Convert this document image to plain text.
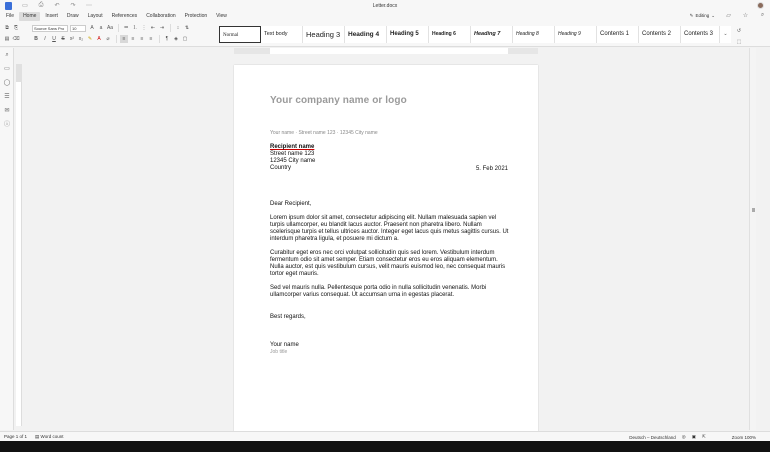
▭ ⎙ ↶ ↷ ⋯	Letter.docx
File	Home	Insert	Draw	Layout	References	Collaboration	Protection	View	✎ Editing ⌄ ▱ ☆	⌕
⧉	⎘
▤ ⌫
Source Sans Pro	10	A	a Aa	≔ ⒈ ⋮ ⇤ ⇥	↕	⇅
B	I	U	S	x² x₂ ✎	A	⌀	≡	≡	≡	≡	¶	◈ ▢
Normal	Text body	Heading 3	Heading 4	Heading 5	Heading 6	Heading 7	Heading 8	Heading 9	Contents 1	Contents 2	Contents 3	⌄	↺
⬚
⌕
▭
◯
☰
✉
ⓘ
Your company name or logo
Your name · Street name 123 · 12345 City name
Recipient name
Street name 123
12345 City name
Country	5. Feb 2021
Dear Recipient,
Lorem ipsum dolor sit amet, consectetur adipiscing elit. Nullam malesuada sapien vel turpis ullamcorper, eu blandit lacus auctor. Praesent non pharetra libero. Nullam scelerisque turpis et tellus ultrices auctor. Integer eget lacus quis metus sagittis cursus. Ut interdum pharetra ligula, et posuere mi dictum a.
Curabitur eget eros nec orci volutpat sollicitudin quis sed lorem. Vestibulum interdum fermentum odio sit amet semper. Etiam consectetur eros eu eros aliquam elementum. Nulla auctor, est quis vestibulum cursus, velit mauris euismod leo, nec consequat mauris tortor eget mauris.
Sed vel mauris nulla. Pellentesque porta odio in nulla sollicitudin venenatis. Morbi ullamcorper varius consequat. Ut accumsan urna in egestas placerat.
Best regards,
Your name
Job title
Page 1 of 1 ▤ Word count	Deutsch – Deutschland ◎ ▣ ⇱	Zoom 100%
